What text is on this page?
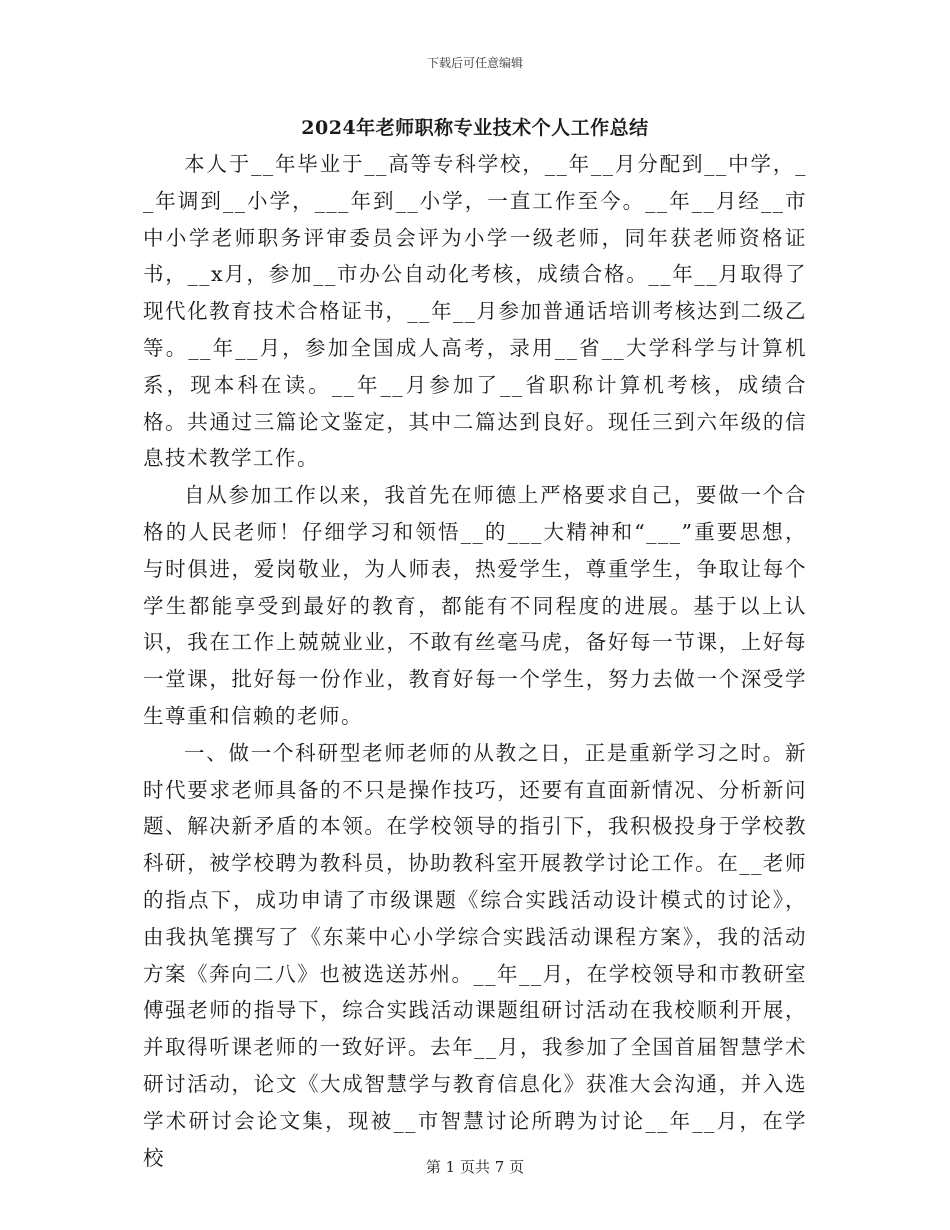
下载后可任意编辑
2024年老师职称专业技术个人工作总结

本人于__年毕业于__高等专科学校，__年__月分配到__中学，__年调到__小学，___年到__小学，一直工作至今。__年__月经__市中小学老师职务评审委员会评为小学一级老师，同年获老师资格证书，__x月，参加__市办公自动化考核，成绩合格。__年__月取得了现代化教育技术合格证书，__年__月参加普通话培训考核达到二级乙等。__年__月，参加全国成人高考，录用__省__大学科学与计算机系，现本科在读。__年__月参加了__省职称计算机考核，成绩合格。共通过三篇论文鉴定，其中二篇达到良好。现任三到六年级的信息技术教学工作。

自从参加工作以来，我首先在师德上严格要求自己，要做一个合格的人民老师！仔细学习和领悟__的___大精神和“___”重要思想，与时俱进，爱岗敬业，为人师表，热爱学生，尊重学生，争取让每个学生都能享受到最好的教育，都能有不同程度的进展。基于以上认识，我在工作上兢兢业业，不敢有丝毫马虎，备好每一节课，上好每一堂课，批好每一份作业，教育好每一个学生，努力去做一个深受学生尊重和信赖的老师。

一、做一个科研型老师老师的从教之日，正是重新学习之时。新时代要求老师具备的不只是操作技巧，还要有直面新情况、分析新问题、解决新矛盾的本领。在学校领导的指引下，我积极投身于学校教科研，被学校聘为教科员，协助教科室开展教学讨论工作。在__老师的指点下，成功申请了市级课题《综合实践活动设计模式的讨论》，由我执笔撰写了《东莱中心小学综合实践活动课程方案》，我的活动方案《奔向二八》也被选送苏州。__年__月，在学校领导和市教研室傅强老师的指导下，综合实践活动课题组研讨活动在我校顺利开展，并取得听课老师的一致好评。去年__月，我参加了全国首届智慧学术研讨活动，论文《大成智慧学与教育信息化》获准大会沟通，并入选学术研讨会论文集，现被__市智慧讨论所聘为讨论__年__月，在学校	第 1 页共 7 页
